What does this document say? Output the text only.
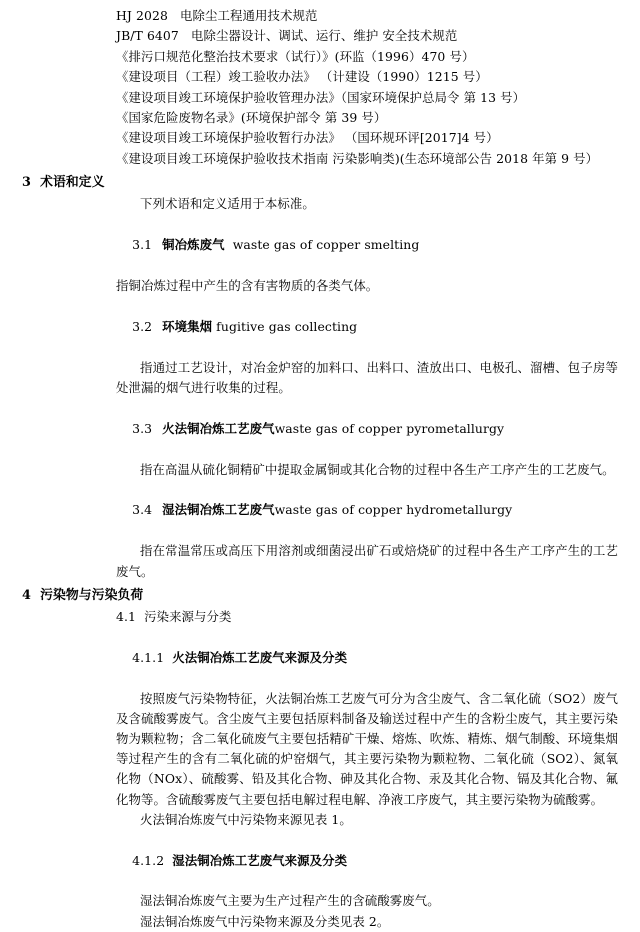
HJ 2028   电除尘工程通用技术规范
JB/T 6407   电除尘器设计、调试、运行、维护 安全技术规范
《排污口规范化整治技术要求（试行）》(环监（1996）470 号）
《建设项目（工程）竣工验收办法》 （计建设（1990）1215 号）
《建设项目竣工环境保护验收管理办法》（国家环境保护总局令 第 13 号）
《国家危险废物名录》(环境保护部令 第 39 号）
《建设项目竣工环境保护验收暂行办法》 （国环规环评[2017]4 号）
《建设项目竣工环境保护验收技术指南 污染影响类)(生态环境部公告 2018 年第 9 号）
3  术语和定义
下列术语和定义适用于本标准。

3.1 铜冶炼废气 waste gas of copper smelting

指铜冶炼过程中产生的含有害物质的各类气体。

3.2 环境集烟 fugitive gas collecting

指通过工艺设计，对冶金炉窑的加料口、出料口、渣放出口、电极孔、溜槽、包子房等处泄漏的烟气进行收集的过程。

3.3 火法铜冶炼工艺废气waste gas of copper pyrometallurgy

指在高温从硫化铜精矿中提取金属铜或其化合物的过程中各生产工序产生的工艺废气。

3.4 湿法铜冶炼工艺废气waste gas of copper hydrometallurgy

指在常温常压或高压下用溶剂或细菌浸出矿石或焙烧矿的过程中各生产工序产生的工艺废气。
4  污染物与污染负荷
4.1  污染来源与分类

4.1.1 火法铜冶炼工艺废气来源及分类

按照废气污染物特征，火法铜冶炼工艺废气可分为含尘废气、含二氧化硫（SO2）废气及含硫酸雾废气。含尘废气主要包括原料制备及输送过程中产生的含粉尘废气，其主要污染物为颗粒物；含二氧化硫废气主要包括精矿干燥、熔炼、吹炼、精炼、烟气制酸、环境集烟等过程产生的含有二氧化硫的炉窑烟气，其主要污染物为颗粒物、二氧化硫（SO2）、氮氧化物（NOx）、硫酸雾、铅及其化合物、砷及其化合物、汞及其化合物、镉及其化合物、氟化物等。含硫酸雾废气主要包括电解过程电解、净液工序废气，其主要污染物为硫酸雾。
火法铜冶炼废气中污染物来源见表 1。

4.1.2 湿法铜冶炼工艺废气来源及分类

湿法铜冶炼废气主要为生产过程产生的含硫酸雾废气。
湿法铜冶炼废气中污染物来源及分类见表 2。
